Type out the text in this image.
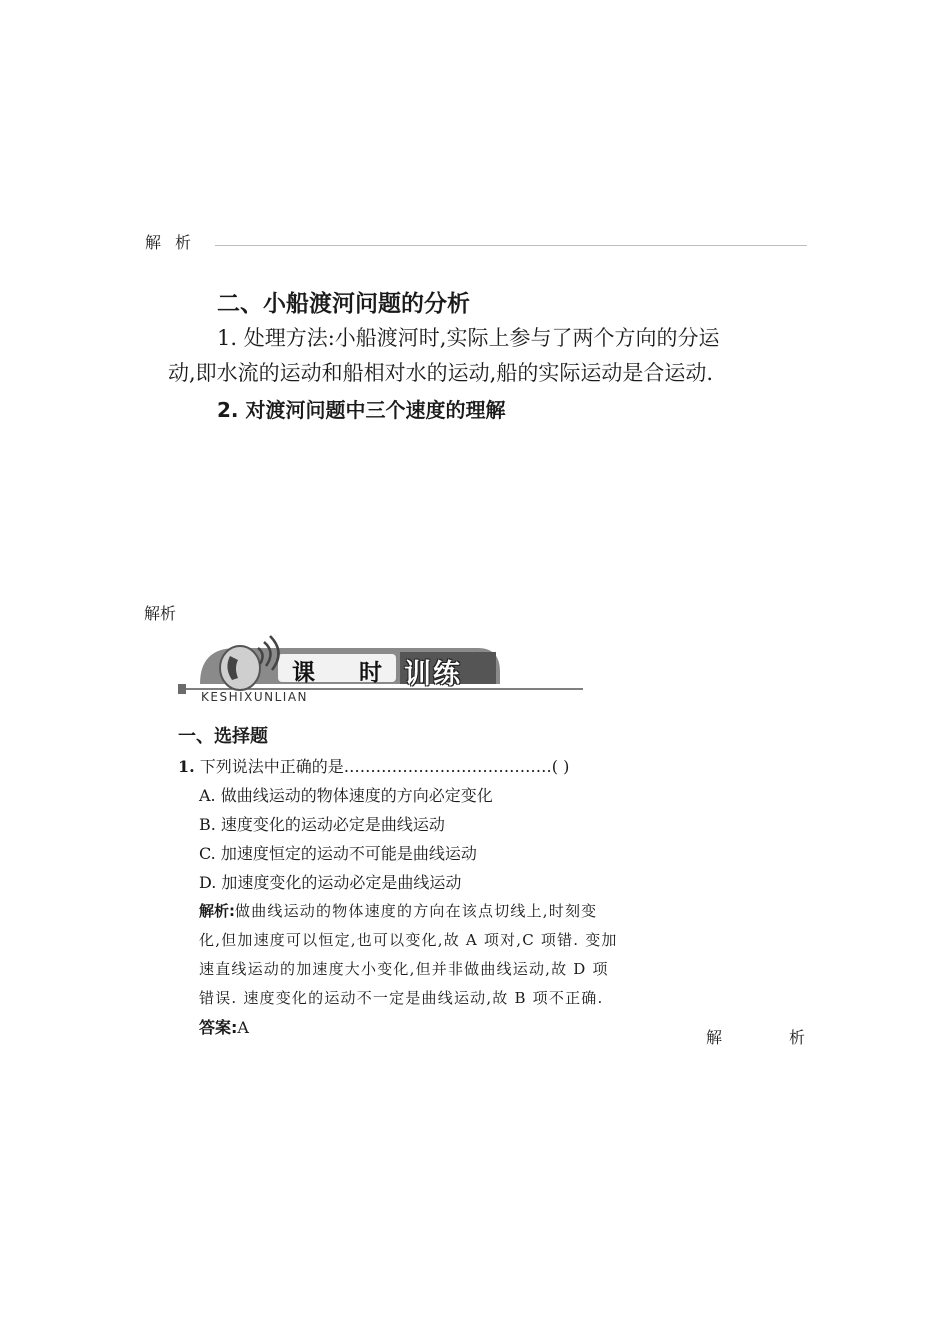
解 析
二、小船渡河问题的分析
1. 处理方法:小船渡河时,实际上参与了两个方向的分运
动,即水流的运动和船相对水的运动,船的实际运动是合运动.
2. 对渡河问题中三个速度的理解
解析
课 时 训练
KESHIXUNLIAN
一、选择题
1. 下列说法中正确的是…………………………………( )
A. 做曲线运动的物体速度的方向必定变化
B. 速度变化的运动必定是曲线运动
C. 加速度恒定的运动不可能是曲线运动
D. 加速度变化的运动必定是曲线运动
解析:做曲线运动的物体速度的方向在该点切线上,时刻变
化,但加速度可以恒定,也可以变化,故 A 项对,C 项错. 变加
速直线运动的加速度大小变化,但并非做曲线运动,故 D 项
错误. 速度变化的运动不一定是曲线运动,故 B 项不正确.
答案:A
解	析
